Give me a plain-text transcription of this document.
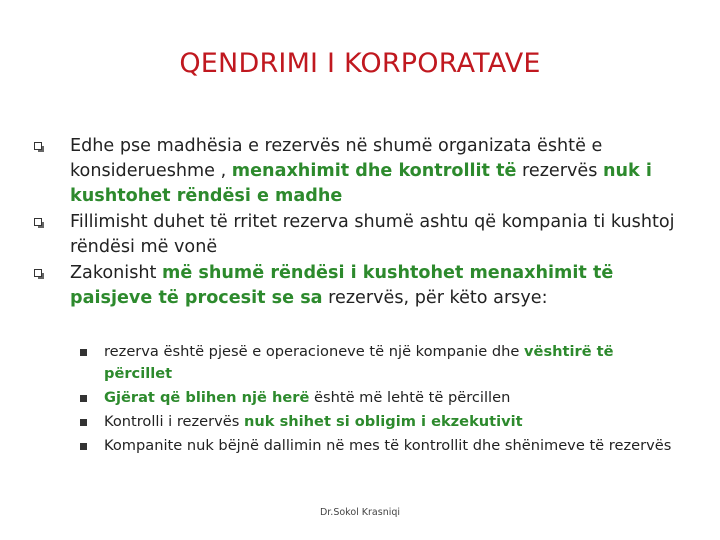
QENDRIMI I KORPORATAVE
Edhe pse madhësia e rezervës në shumë organizata është e konsiderueshme , menaxhimit dhe kontrollit të rezervës nuk i kushtohet rëndësi e madhe
Fillimisht duhet të rritet rezerva shumë ashtu që kompania ti kushtoj rëndësi më vonë
Zakonisht më shumë rëndësi i kushtohet menaxhimit të paisjeve të procesit se sa rezervës, për këto arsye:
rezerva është pjesë e operacioneve të një kompanie dhe vështirë të përcillet
Gjërat që blihen një herë është më lehtë të përcillen
Kontrolli i rezervës nuk shihet si obligim i ekzekutivit
Kompanite nuk bëjnë dallimin në mes të kontrollit dhe shënimeve të rezervës
Dr.Sokol Krasniqi
